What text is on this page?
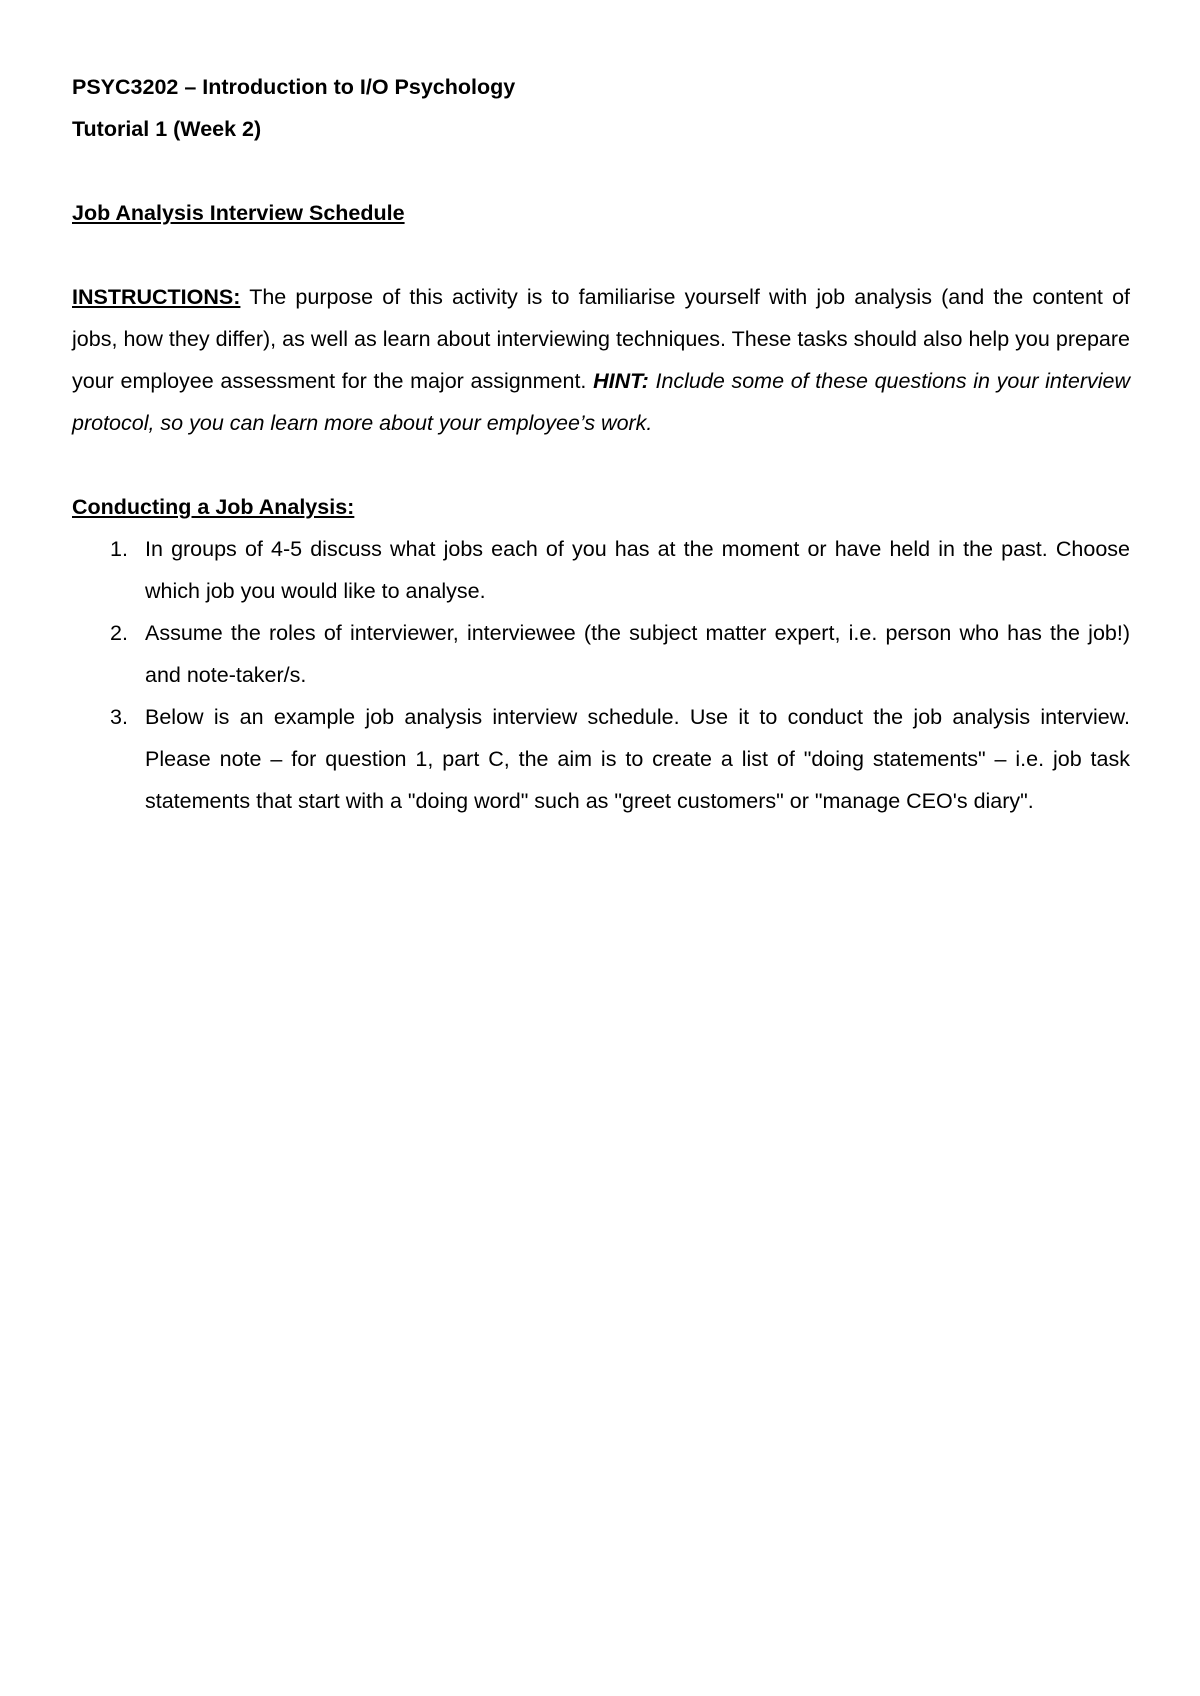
PSYC3202 – Introduction to I/O Psychology
Tutorial 1 (Week 2)
Job Analysis Interview Schedule
INSTRUCTIONS: The purpose of this activity is to familiarise yourself with job analysis (and the content of jobs, how they differ), as well as learn about interviewing techniques. These tasks should also help you prepare your employee assessment for the major assignment. HINT: Include some of these questions in your interview protocol, so you can learn more about your employee’s work.
Conducting a Job Analysis:
1. In groups of 4-5 discuss what jobs each of you has at the moment or have held in the past. Choose which job you would like to analyse.
2. Assume the roles of interviewer, interviewee (the subject matter expert, i.e. person who has the job!) and note-taker/s.
3. Below is an example job analysis interview schedule. Use it to conduct the job analysis interview. Please note – for question 1, part C, the aim is to create a list of "doing statements" – i.e. job task statements that start with a "doing word" such as "greet customers" or "manage CEO's diary".
